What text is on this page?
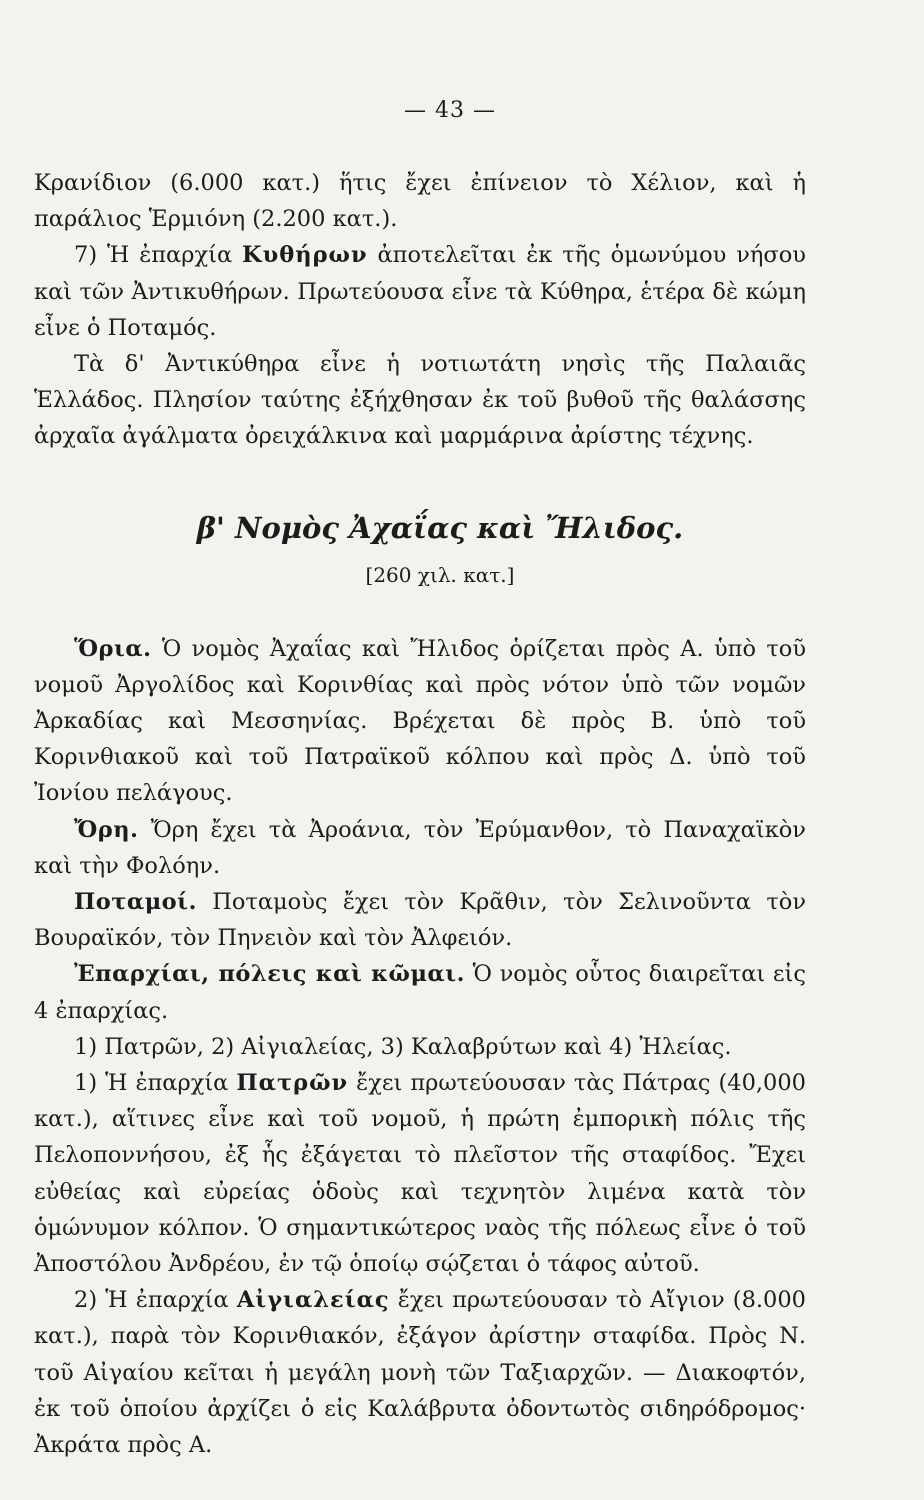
— 43 —

Κρανίδιον (6.000 κατ.) ἥτις ἔχει ἐπίνειον τὸ Χέλιον, καὶ ἡ παράλιος Ἑρμιόνη (2.200 κατ.).

7) Ἡ ἐπαρχία Κυθήρων ἀποτελεῖται ἐκ τῆς ὁμωνύμου νήσου καὶ τῶν Ἀντικυθήρων. Πρωτεύουσα εἶνε τὰ Κύθηρα, ἑτέρα δὲ κώμη εἶνε ὁ Ποταμός.

Τὰ δ' Ἀντικύθηρα εἶνε ἡ νοτιωτάτη νησὶς τῆς Παλαιᾶς Ἑλλάδος. Πλησίον ταύτης ἐξήχθησαν ἐκ τοῦ βυθοῦ τῆς θαλάσσης ἀρχαῖα ἀγάλματα ὀρειχάλκινα καὶ μαρμάρινα ἀρίστης τέχνης.

β' Νομὸς Ἀχαΐας καὶ Ἤλιδος.
[260 χιλ. κατ.]

Ὅρια. Ὁ νομὸς Ἀχαΐας καὶ Ἤλιδος ὁρίζεται πρὸς Α. ὑπὸ τοῦ νομοῦ Ἀργολίδος καὶ Κορινθίας καὶ πρὸς νότον ὑπὸ τῶν νομῶν Ἀρκαδίας καὶ Μεσσηνίας. Βρέχεται δὲ πρὸς Β. ὑπὸ τοῦ Κορινθιακοῦ καὶ τοῦ Πατραϊκοῦ κόλπου καὶ πρὸς Δ. ὑπὸ τοῦ Ἰονίου πελάγους.

Ὄρη. Ὄρη ἔχει τὰ Ἀροάνια, τὸν Ἐρύμανθον, τὸ Παναχαϊκὸν καὶ τὴν Φολόην.

Ποταμοί. Ποταμοὺς ἔχει τὸν Κρᾶθιν, τὸν Σελινοῦντα τὸν Βουραϊκόν, τὸν Πηνειὸν καὶ τὸν Ἀλφειόν.

Ἐπαρχίαι, πόλεις καὶ κῶμαι. Ὁ νομὸς οὗτος διαιρεῖται εἰς 4 ἐπαρχίας.

1) Πατρῶν, 2) Αἰγιαλείας, 3) Καλαβρύτων καὶ 4) Ἠλείας.

1) Ἡ ἐπαρχία Πατρῶν ἔχει πρωτεύουσαν τὰς Πάτρας (40,000 κατ.), αἵτινες εἶνε καὶ τοῦ νομοῦ, ἡ πρώτη ἐμπορικὴ πόλις τῆς Πελοποννήσου, ἐξ ἧς ἐξάγεται τὸ πλεῖστον τῆς σταφίδος. Ἔχει εὐθείας καὶ εὐρείας ὁδοὺς καὶ τεχνητὸν λιμένα κατὰ τὸν ὁμώνυμον κόλπον. Ὁ σημαντικώτερος ναὸς τῆς πόλεως εἶνε ὁ τοῦ Ἀποστόλου Ἀνδρέου, ἐν τῷ ὁποίῳ σῴζεται ὁ τάφος αὐτοῦ.

2) Ἡ ἐπαρχία Αἰγιαλείας ἔχει πρωτεύουσαν τὸ Αἴγιον (8.000 κατ.), παρὰ τὸν Κορινθιακόν, ἐξάγον ἀρίστην σταφίδα. Πρὸς Ν. τοῦ Αἰγαίου κεῖται ἡ μεγάλη μονὴ τῶν Ταξιαρχῶν. — Διακοφτόν, ἐκ τοῦ ὁποίου ἀρχίζει ὁ εἰς Καλάβρυτα ὀδοντωτὸς σιδηρόδρομος· Ἀκράτα πρὸς Α.
